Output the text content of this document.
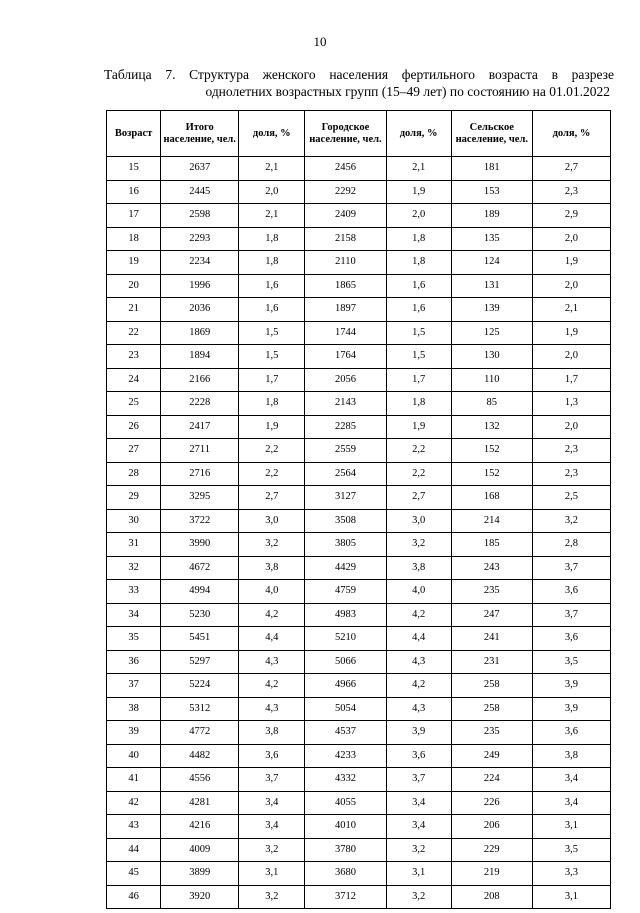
10
Таблица 7. Структура женского населения фертильного возраста в разрезе
однолетних возрастных групп (15–49 лет) по состоянию на 01.01.2022
Возраст	Итого население, чел.	доля, %	Городское население, чел.	доля, %	Сельское население, чел.	доля, %
15	2637	2,1	2456	2,1	181	2,7
16	2445	2,0	2292	1,9	153	2,3
17	2598	2,1	2409	2,0	189	2,9
18	2293	1,8	2158	1,8	135	2,0
19	2234	1,8	2110	1,8	124	1,9
20	1996	1,6	1865	1,6	131	2,0
21	2036	1,6	1897	1,6	139	2,1
22	1869	1,5	1744	1,5	125	1,9
23	1894	1,5	1764	1,5	130	2,0
24	2166	1,7	2056	1,7	110	1,7
25	2228	1,8	2143	1,8	85	1,3
26	2417	1,9	2285	1,9	132	2,0
27	2711	2,2	2559	2,2	152	2,3
28	2716	2,2	2564	2,2	152	2,3
29	3295	2,7	3127	2,7	168	2,5
30	3722	3,0	3508	3,0	214	3,2
31	3990	3,2	3805	3,2	185	2,8
32	4672	3,8	4429	3,8	243	3,7
33	4994	4,0	4759	4,0	235	3,6
34	5230	4,2	4983	4,2	247	3,7
35	5451	4,4	5210	4,4	241	3,6
36	5297	4,3	5066	4,3	231	3,5
37	5224	4,2	4966	4,2	258	3,9
38	5312	4,3	5054	4,3	258	3,9
39	4772	3,8	4537	3,9	235	3,6
40	4482	3,6	4233	3,6	249	3,8
41	4556	3,7	4332	3,7	224	3,4
42	4281	3,4	4055	3,4	226	3,4
43	4216	3,4	4010	3,4	206	3,1
44	4009	3,2	3780	3,2	229	3,5
45	3899	3,1	3680	3,1	219	3,3
46	3920	3,2	3712	3,2	208	3,1
